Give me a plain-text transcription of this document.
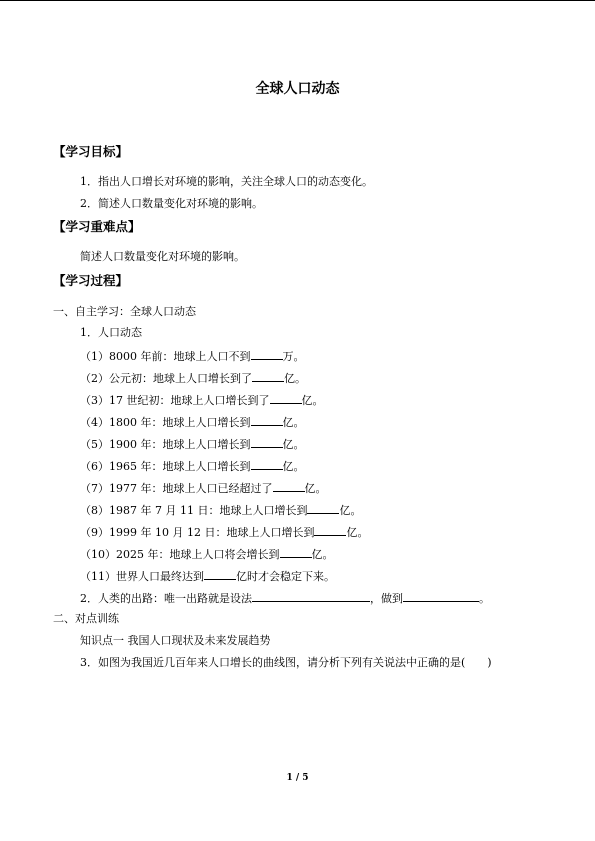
全球人口动态
【学习目标】
1．指出人口增长对环境的影响，关注全球人口的动态变化。
2．简述人口数量变化对环境的影响。
【学习重难点】
简述人口数量变化对环境的影响。
【学习过程】
一、自主学习：全球人口动态
1．人口动态
（1）8000 年前：地球上人口不到	万。
（2）公元初：地球上人口增长到了	亿。
（3）17 世纪初：地球上人口增长到了	亿。
（4）1800 年：地球上人口增长到	亿。
（5）1900 年：地球上人口增长到	亿。
（6）1965 年：地球上人口增长到	亿。
（7）1977 年：地球上人口已经超过了	亿。
（8）1987 年 7 月 11 日：地球上人口增长到	亿。
（9）1999 年 10 月 12 日：地球上人口增长到	亿。
（10）2025 年：地球上人口将会增长到	亿。
（11）世界人口最终达到	亿时才会稳定下来。
2．人类的出路：唯一出路就是设法	，做到	。
二、对点训练
知识点一 我国人口现状及未来发展趋势
3．如图为我国近几百年来人口增长的曲线图，请分析下列有关说法中正确的是( )
1 / 5
